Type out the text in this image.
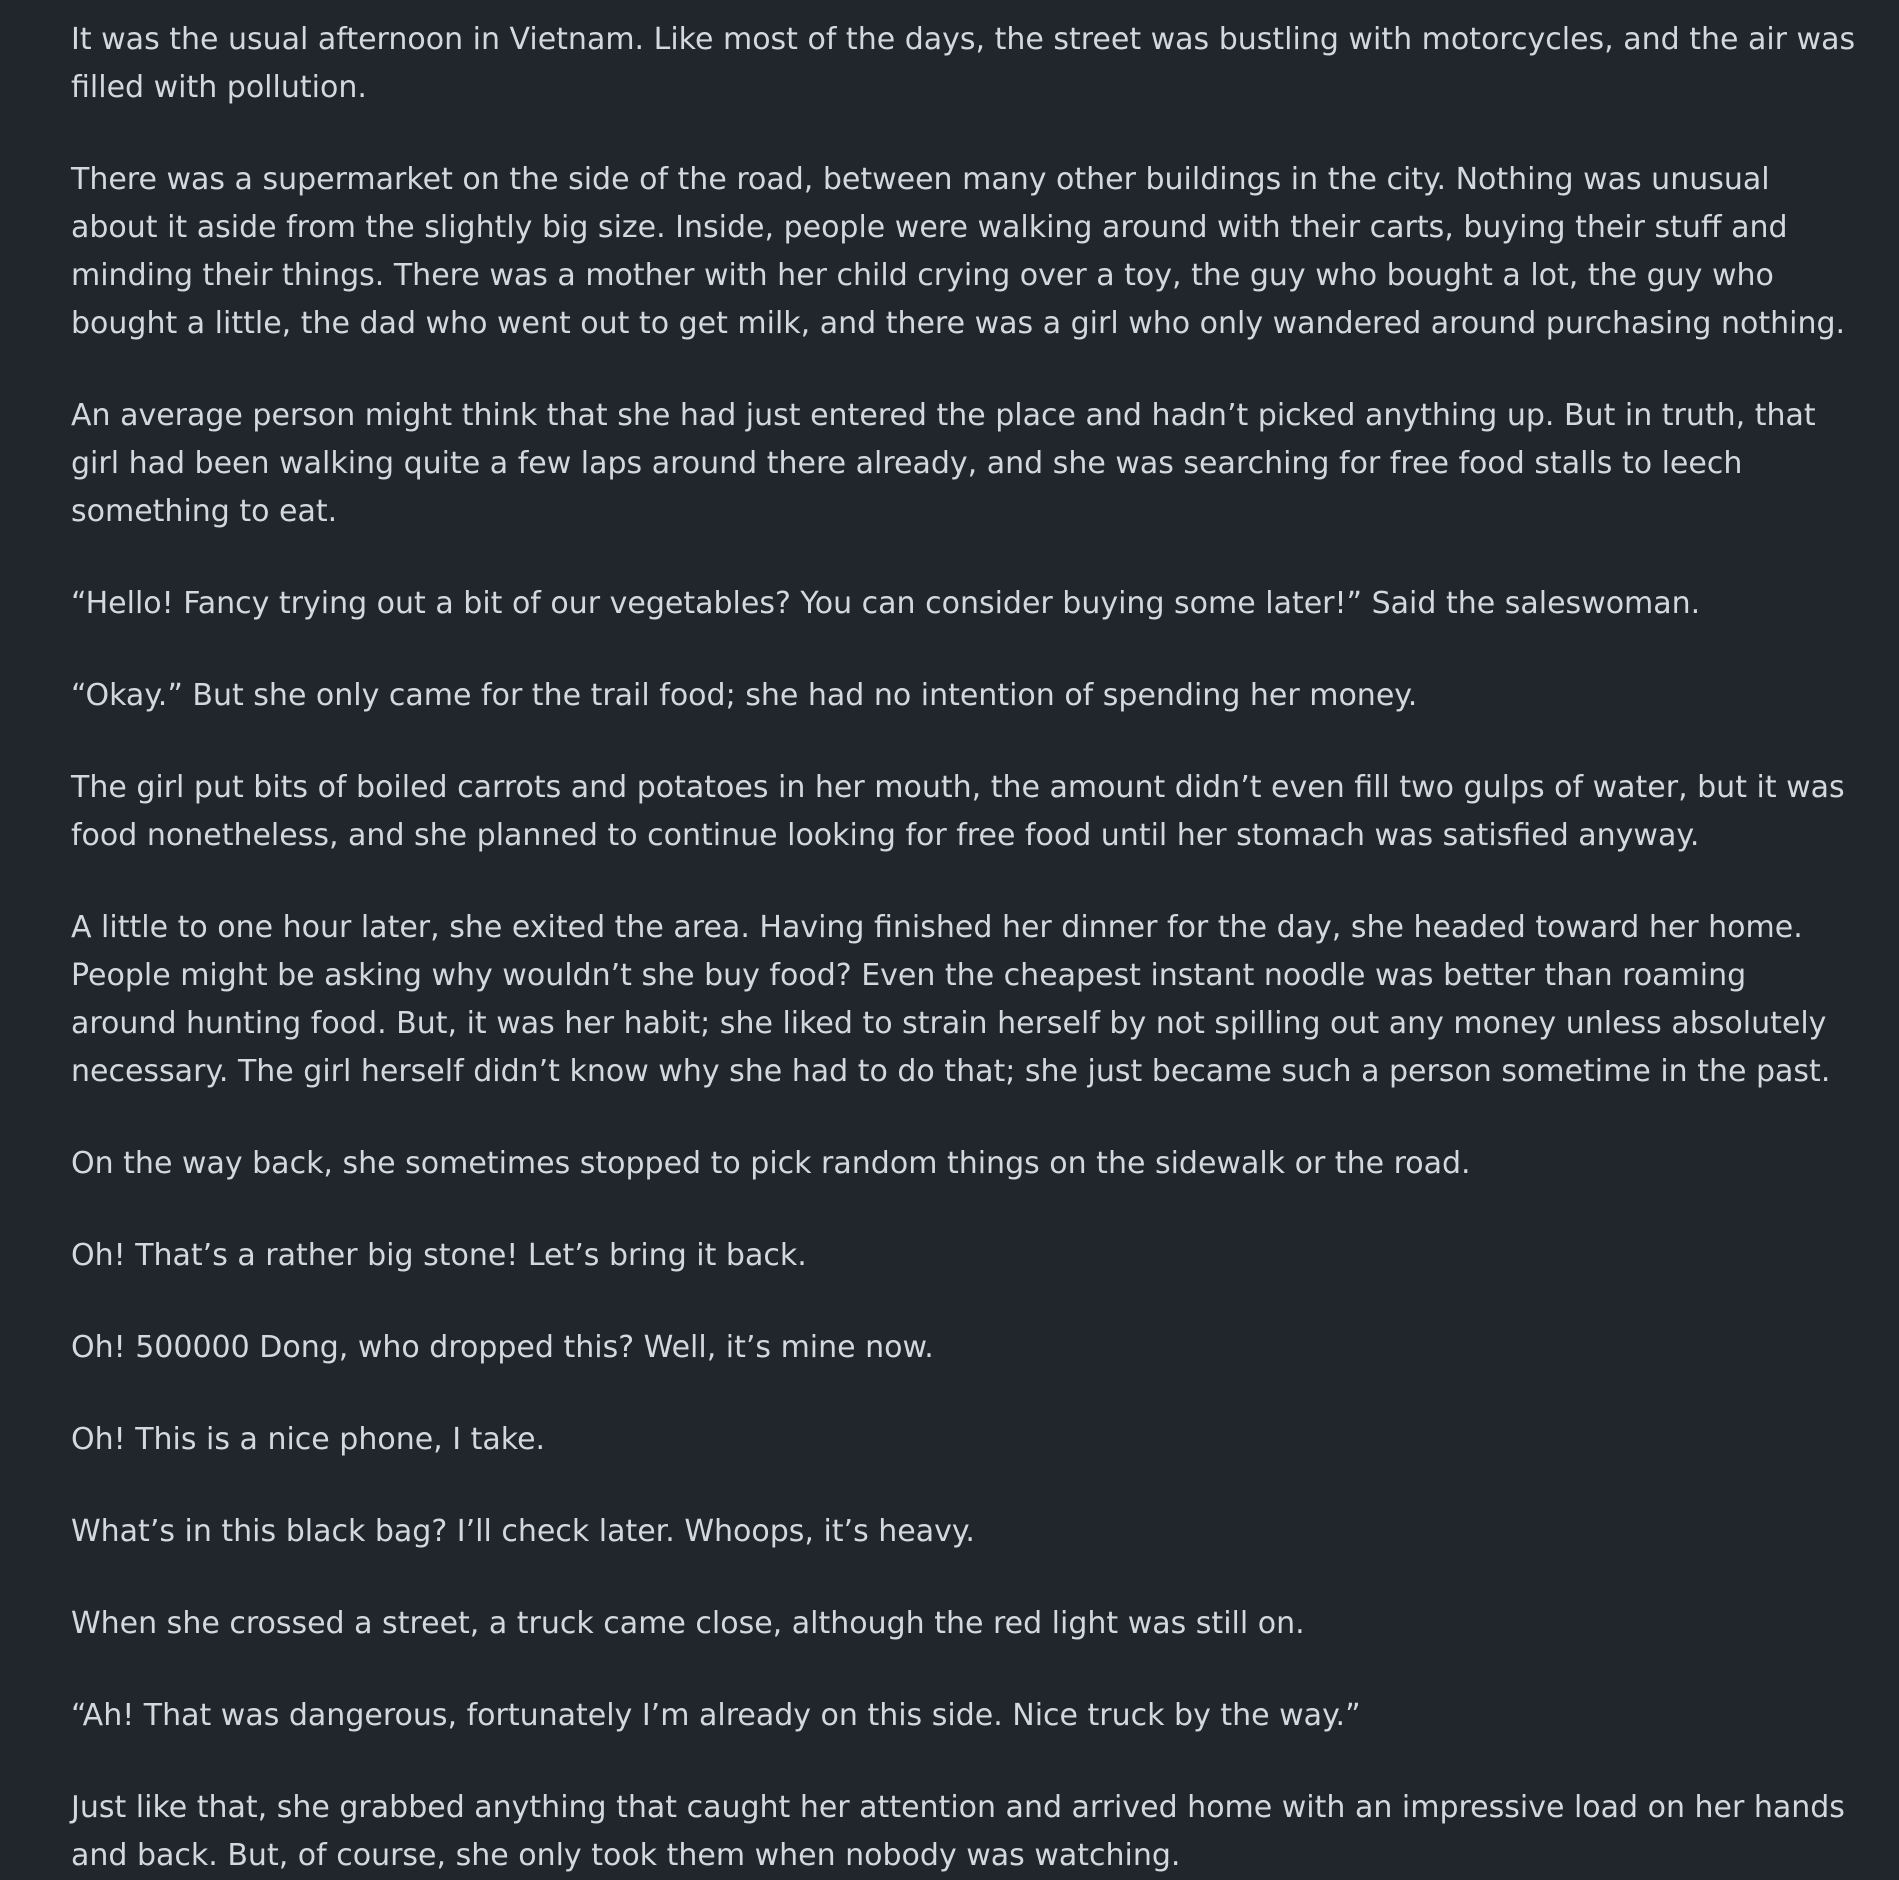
It was the usual afternoon in Vietnam. Like most of the days, the street was bustling with motorcycles, and the air was filled with pollution.

There was a supermarket on the side of the road, between many other buildings in the city. Nothing was unusual about it aside from the slightly big size. Inside, people were walking around with their carts, buying their stuff and minding their things. There was a mother with her child crying over a toy, the guy who bought a lot, the guy who bought a little, the dad who went out to get milk, and there was a girl who only wandered around purchasing nothing.

An average person might think that she had just entered the place and hadn’t picked anything up. But in truth, that girl had been walking quite a few laps around there already, and she was searching for free food stalls to leech something to eat.

“Hello! Fancy trying out a bit of our vegetables? You can consider buying some later!” Said the saleswoman.

“Okay.” But she only came for the trail food; she had no intention of spending her money.

The girl put bits of boiled carrots and potatoes in her mouth, the amount didn’t even fill two gulps of water, but it was food nonetheless, and she planned to continue looking for free food until her stomach was satisfied anyway.

A little to one hour later, she exited the area. Having finished her dinner for the day, she headed toward her home. People might be asking why wouldn’t she buy food? Even the cheapest instant noodle was better than roaming around hunting food. But, it was her habit; she liked to strain herself by not spilling out any money unless absolutely necessary. The girl herself didn’t know why she had to do that; she just became such a person sometime in the past.

On the way back, she sometimes stopped to pick random things on the sidewalk or the road.

Oh! That’s a rather big stone! Let’s bring it back.

Oh! 500000 Dong, who dropped this? Well, it’s mine now.

Oh! This is a nice phone, I take.

What’s in this black bag? I’ll check later. Whoops, it’s heavy.

When she crossed a street, a truck came close, although the red light was still on.

“Ah! That was dangerous, fortunately I’m already on this side. Nice truck by the way.”

Just like that, she grabbed anything that caught her attention and arrived home with an impressive load on her hands and back. But, of course, she only took them when nobody was watching.
